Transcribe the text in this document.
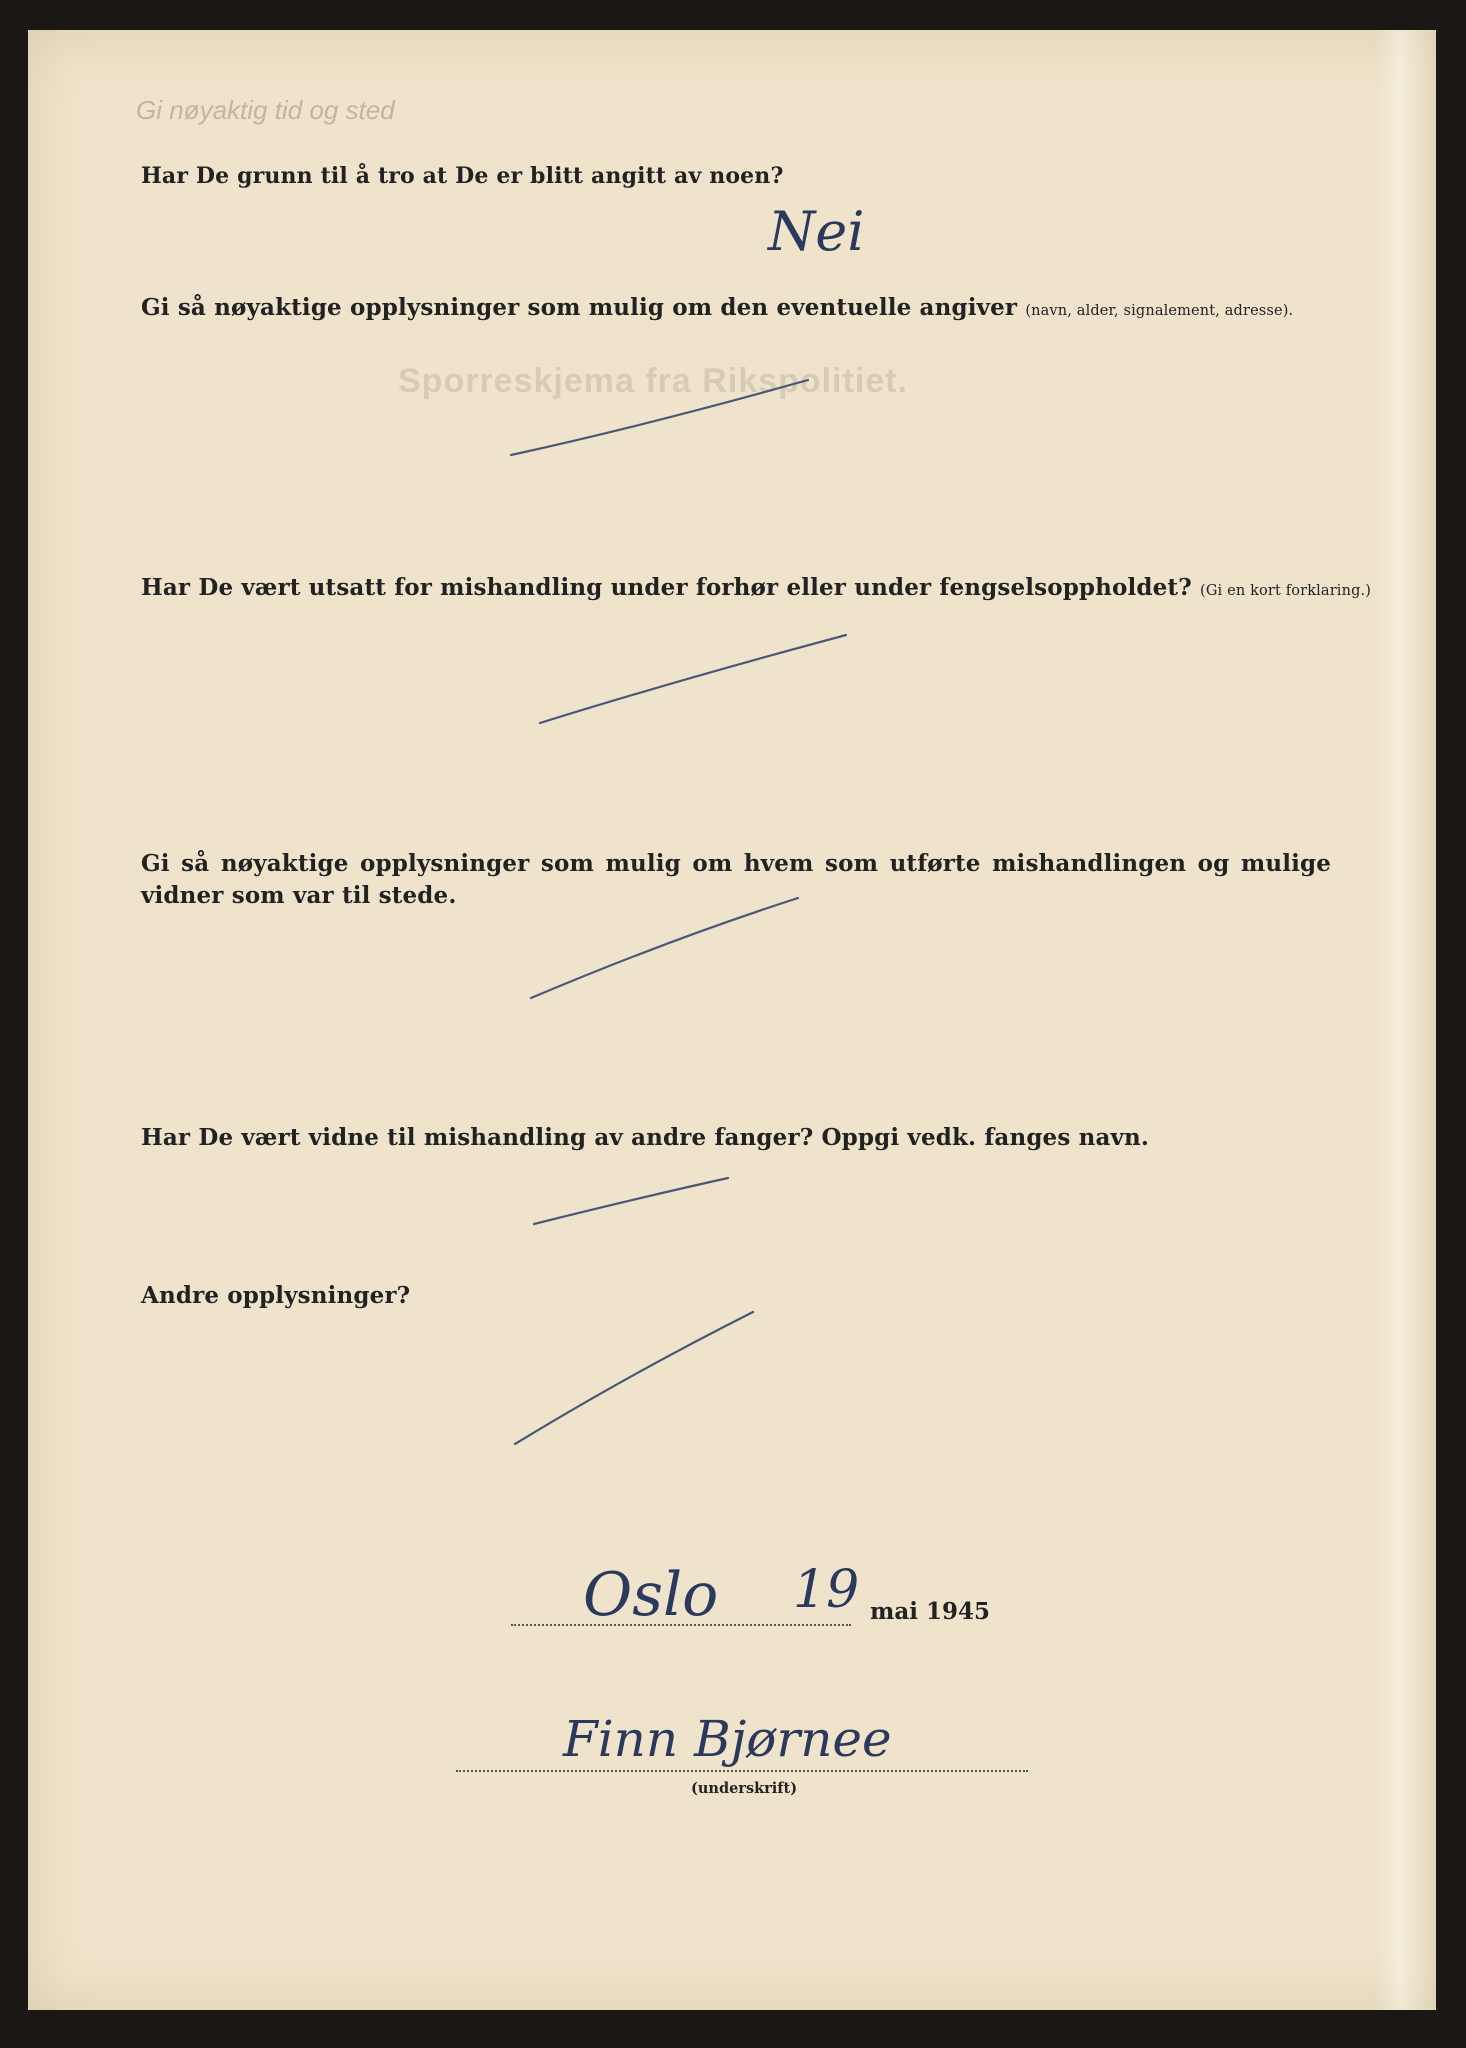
Gi nøyaktig tid og sted
Sporreskjema fra Rikspolitiet.

Har De grunn til å tro at De er blitt angitt av noen?

Nei

Gi så nøyaktige opplysninger som mulig om den eventuelle angiver (navn, alder, signalement, adresse).

Har De vært utsatt for mishandling under forhør eller under fengselsoppholdet? (Gi en kort forklaring.)

Gi så nøyaktige opplysninger som mulig om hvem som utførte mishandlingen og mulige vidner som var til stede.

Har De vært vidne til mishandling av andre fanger? Oppgi vedk. fanges navn.

Andre opplysninger?

Oslo 19 mai 1945
Finn Bjørnee
(underskrift)
